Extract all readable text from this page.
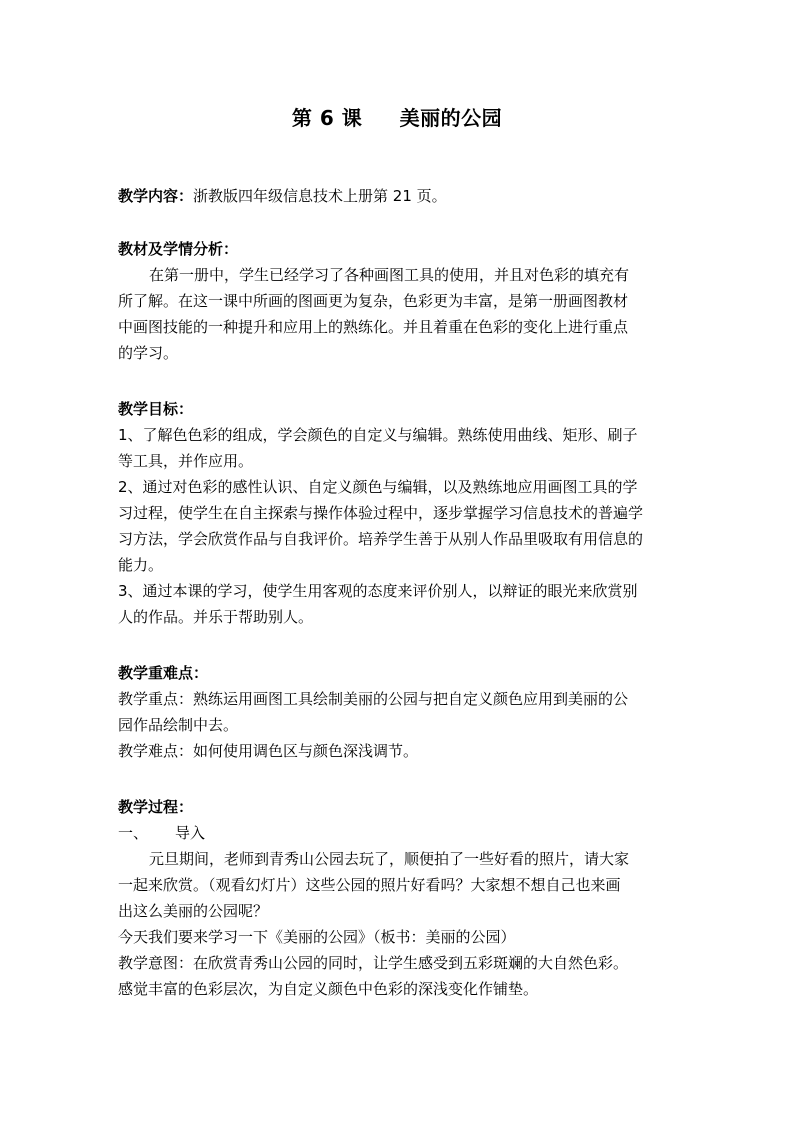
第 6 课     美丽的公园
教学内容：浙教版四年级信息技术上册第 21 页。
教材及学情分析：
在第一册中，学生已经学习了各种画图工具的使用，并且对色彩的填充有
所了解。在这一课中所画的图画更为复杂，色彩更为丰富，是第一册画图教材
中画图技能的一种提升和应用上的熟练化。并且着重在色彩的变化上进行重点
的学习。
教学目标：
1、了解色色彩的组成，学会颜色的自定义与编辑。熟练使用曲线、矩形、刷子
等工具，并作应用。
2、通过对色彩的感性认识、自定义颜色与编辑，以及熟练地应用画图工具的学
习过程，使学生在自主探索与操作体验过程中，逐步掌握学习信息技术的普遍学
习方法，学会欣赏作品与自我评价。培养学生善于从别人作品里吸取有用信息的
能力。
3、通过本课的学习，使学生用客观的态度来评价别人，以辩证的眼光来欣赏别
人的作品。并乐于帮助别人。
教学重难点：
教学重点：熟练运用画图工具绘制美丽的公园与把自定义颜色应用到美丽的公
园作品绘制中去。
教学难点：如何使用调色区与颜色深浅调节。
教学过程：
一、 导入
元旦期间，老师到青秀山公园去玩了，顺便拍了一些好看的照片，请大家
一起来欣赏。（观看幻灯片）这些公园的照片好看吗？大家想不想自己也来画
出这么美丽的公园呢？
今天我们要来学习一下《美丽的公园》（板书：美丽的公园）
教学意图：在欣赏青秀山公园的同时，让学生感受到五彩斑斓的大自然色彩。
感觉丰富的色彩层次，为自定义颜色中色彩的深浅变化作铺垫。
